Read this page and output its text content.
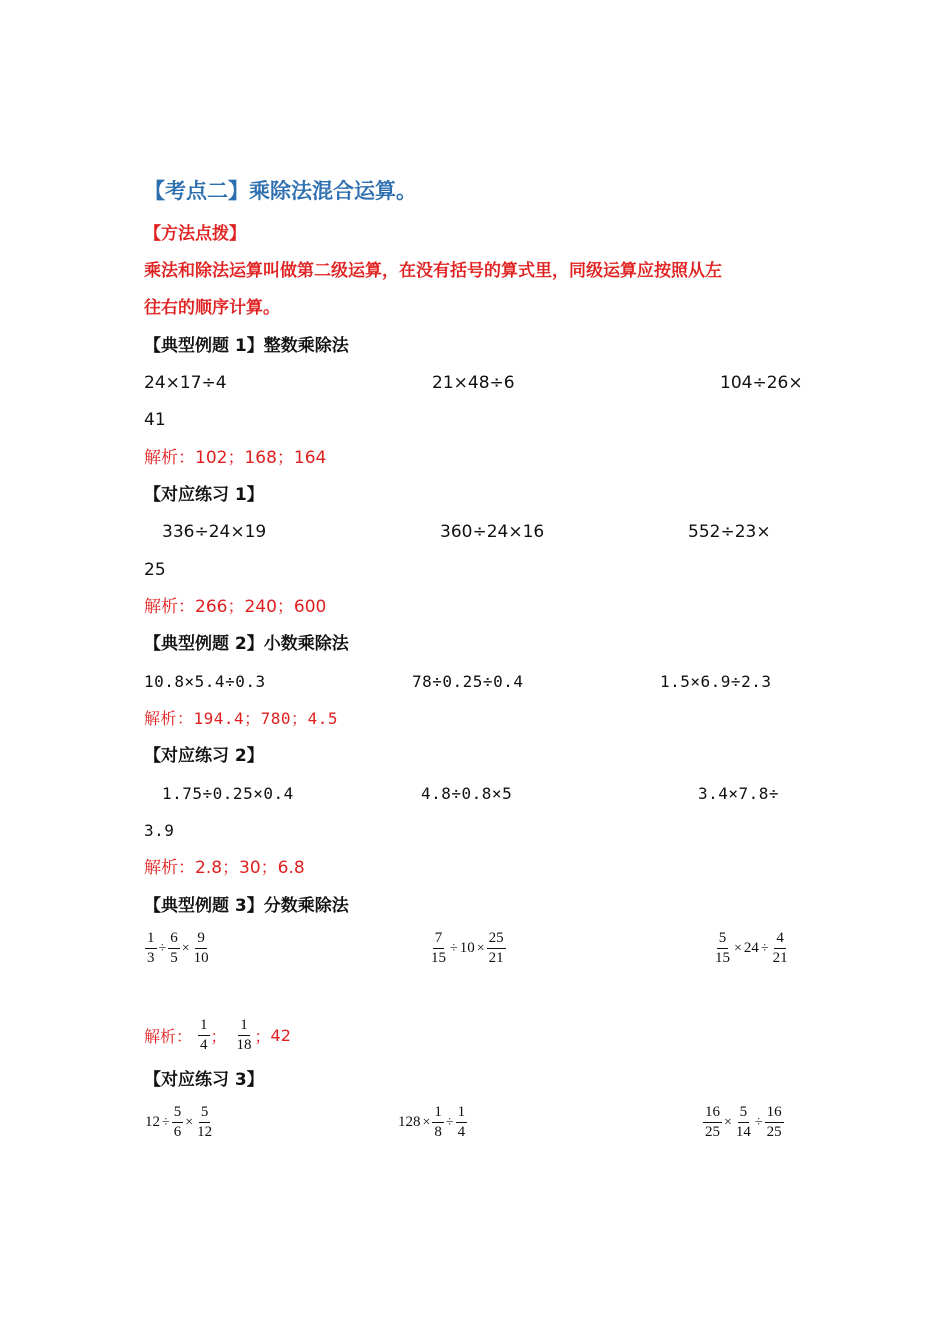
【考点二】乘除法混合运算。
【方法点拨】
乘法和除法运算叫做第二级运算，在没有括号的算式里，同级运算应按照从左
往右的顺序计算。
【典型例题 1】整数乘除法
24×17÷4	21×48÷6	104÷26×
41
解析：102；168；164
【对应练习 1】
336÷24×19	360÷24×16	552÷23×
25
解析：266；240；600
【典型例题 2】小数乘除法
10.8×5.4÷0.3	78÷0.25÷0.4	1.5×6.9÷2.3
解析：194.4；780；4.5
【对应练习 2】
1.75÷0.25×0.4	4.8÷0.8×5	3.4×7.8÷
3.9
解析：2.8；30；6.8
【典型例题 3】分数乘除法
$\frac{1}{3} \div \frac{6}{5} \times \frac{9}{10}$	$\frac{7}{15} \div 10 \times \frac{25}{21}$	$\frac{5}{15} \times 24 \div \frac{4}{21}$
解析： $\frac{1}{4}$ ； $\frac{1}{18}$ ； 42
【对应练习 3】
$12 \div \frac{5}{6} \times \frac{5}{12}$	$128 \times \frac{1}{8} \div \frac{1}{4}$	$\frac{16}{25} \times \frac{5}{14} \div \frac{16}{25}$
